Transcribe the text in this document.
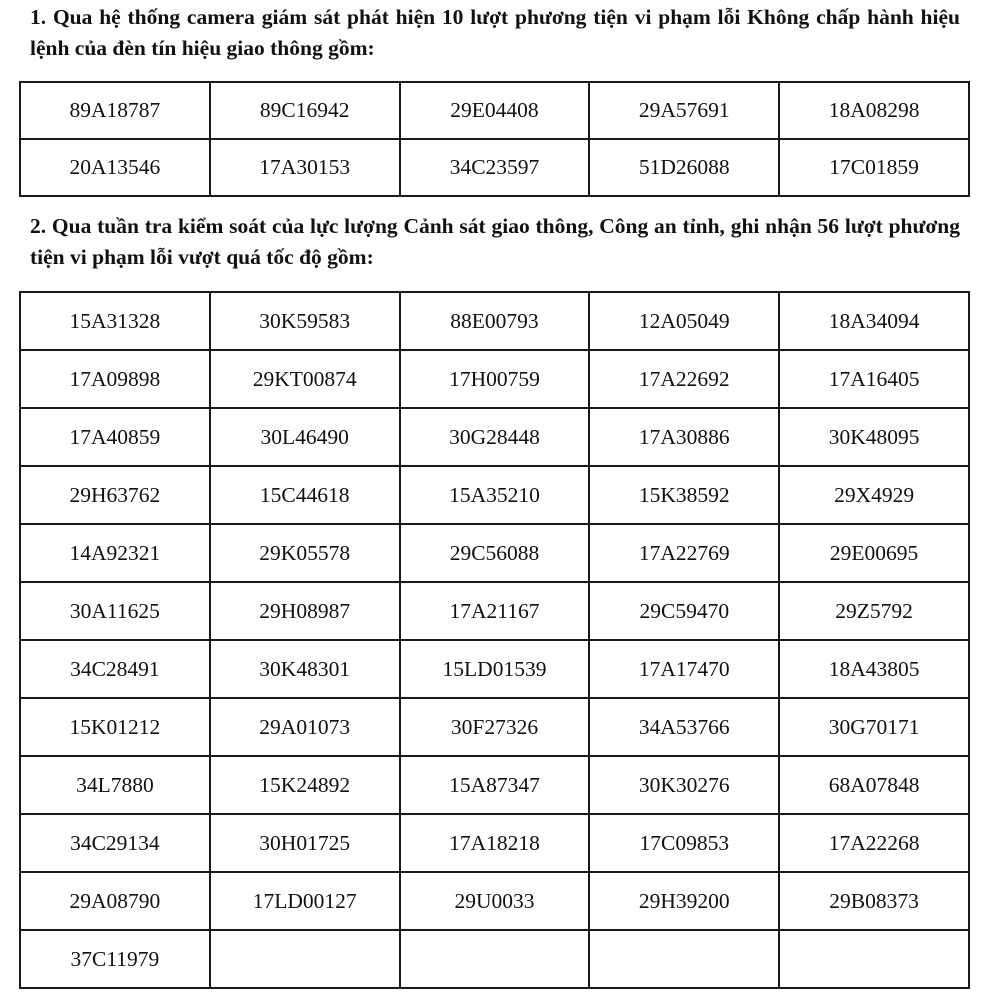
1. Qua hệ thống camera giám sát phát hiện 10 lượt phương tiện vi phạm lỗi Không chấp hành hiệu lệnh của đèn tín hiệu giao thông gồm:
89A18787	89C16942	29E04408	29A57691	18A08298
20A13546	17A30153	34C23597	51D26088	17C01859
2. Qua tuần tra kiểm soát của lực lượng Cảnh sát giao thông, Công an tỉnh, ghi nhận 56 lượt phương tiện vi phạm lỗi vượt quá tốc độ gồm:
15A31328	30K59583	88E00793	12A05049	18A34094
17A09898	29KT00874	17H00759	17A22692	17A16405
17A40859	30L46490	30G28448	17A30886	30K48095
29H63762	15C44618	15A35210	15K38592	29X4929
14A92321	29K05578	29C56088	17A22769	29E00695
30A11625	29H08987	17A21167	29C59470	29Z5792
34C28491	30K48301	15LD01539	17A17470	18A43805
15K01212	29A01073	30F27326	34A53766	30G70171
34L7880	15K24892	15A87347	30K30276	68A07848
34C29134	30H01725	17A18218	17C09853	17A22268
29A08790	17LD00127	29U0033	29H39200	29B08373
37C11979				
